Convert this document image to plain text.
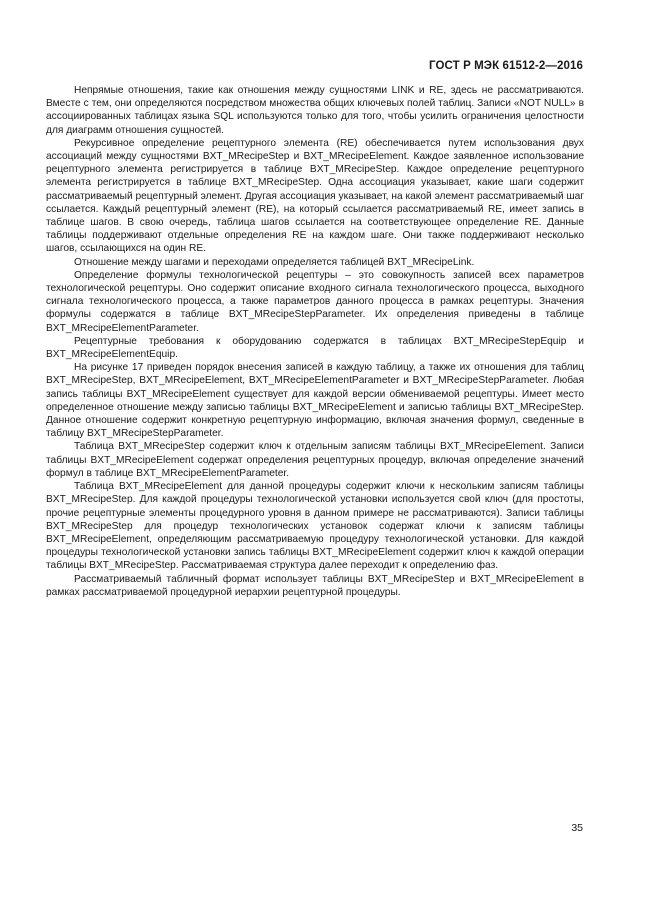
ГОСТ Р МЭК 61512-2—2016

Непрямые отношения, такие как отношения между сущностями LINK и RE, здесь не рассматриваются. Вместе с тем, они определяются посредством множества общих ключевых полей таблиц. Записи «NOT NULL» в ассоциированных таблицах языка SQL используются только для того, чтобы усилить ограничения целостности для диаграмм отношения сущностей.

Рекурсивное определение рецептурного элемента (RE) обеспечивается путем использования двух ассоциаций между сущностями BXT_MRecipeStep и BXT_MRecipeElement. Каждое заявленное использование рецептурного элемента регистрируется в таблице BXT_MRecipeStep. Каждое определение рецептурного элемента регистрируется в таблице BXT_MRecipeStep. Одна ассоциация указывает, какие шаги содержит рассматриваемый рецептурный элемент. Другая ассоциация указывает, на какой элемент рассматриваемый шаг ссылается. Каждый рецептурный элемент (RE), на который ссылается рассматриваемый RE, имеет запись в таблице шагов. В свою очередь, таблица шагов ссылается на соответствующее определение RE. Данные таблицы поддерживают отдельные определения RE на каждом шаге. Они также поддерживают несколько шагов, ссылающихся на один RE.

Отношение между шагами и переходами определяется таблицей BXT_MRecipeLink.

Определение формулы технологической рецептуры – это совокупность записей всех параметров технологической рецептуры. Оно содержит описание входного сигнала технологического процесса, выходного сигнала технологического процесса, а также параметров данного процесса в рамках рецептуры. Значения формулы содержатся в таблице BXT_MRecipeStepParameter. Их определения приведены в таблице BXT_MRecipeElementParameter.

Рецептурные требования к оборудованию содержатся в таблицах BXT_MRecipeStepEquip и BXT_MRecipeElementEquip.

На рисунке 17 приведен порядок внесения записей в каждую таблицу, а также их отношения для таблиц BXT_MRecipeStep, BXT_MRecipeElement, BXT_MRecipeElementParameter и BXT_MRecipeStepParameter. Любая запись таблицы BXT_MRecipeElement существует для каждой версии обмениваемой рецептуры. Имеет место определенное отношение между записью таблицы BXT_MRecipeElement и записью таблицы BXT_MRecipeStep. Данное отношение содержит конкретную рецептурную информацию, включая значения формул, сведенные в таблицу BXT_MRecipeStepParameter.

Таблица BXT_MRecipeStep содержит ключ к отдельным записям таблицы BXT_MRecipeElement. Записи таблицы BXT_MRecipeElement содержат определения рецептурных процедур, включая определение значений формул в таблице BXT_MRecipeElementParameter.

Таблица BXT_MRecipeElement для данной процедуры содержит ключи к нескольким записям таблицы BXT_MRecipeStep. Для каждой процедуры технологической установки используется свой ключ (для простоты, прочие рецептурные элементы процедурного уровня в данном примере не рассматриваются). Записи таблицы BXT_MRecipeStep для процедур технологических установок содержат ключи к записям таблицы BXT_MRecipeElement, определяющим рассматриваемую процедуру технологической установки. Для каждой процедуры технологической установки запись таблицы BXT_MRecipeElement содержит ключ к каждой операции таблицы BXT_MRecipeStep. Рассматриваемая структура далее переходит к определению фаз.

Рассматриваемый табличный формат использует таблицы BXT_MRecipeStep и BXT_MRecipeElement в рамках рассматриваемой процедурной иерархии рецептурной процедуры.

35
